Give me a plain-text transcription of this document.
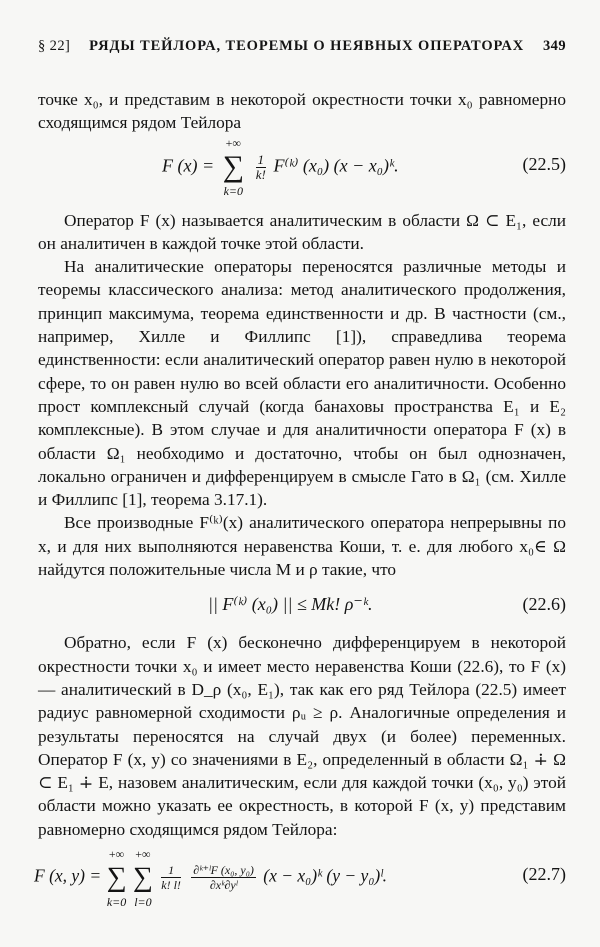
§ 22] РЯДЫ ТЕЙЛОРА, ТЕОРЕМЫ О НЕЯВНЫХ ОПЕРАТОРАХ 349

точке x₀, и представим в некоторой окрестности точки x₀ равномерно сходящимся рядом Тейлора

F (x) = ∑
+∞
k=0

$\frac{1}{k!}$ F⁽ᵏ⁾ (x₀) (x − x₀)ᵏ.	(22.5)

Оператор F (x) называется аналитическим в области Ω ⊂ E₁, если он аналитичен в каждой точке этой области.

На аналитические операторы переносятся различные методы и теоремы классического анализа: метод аналитического продолжения, принцип максимума, теорема единственности и др. В частности (см., например, Хилле и Филлипс [1]), справедлива теорема единственности: если аналитический оператор равен нулю в некоторой сфере, то он равен нулю во всей области его аналитичности. Особенно прост комплексный случай (когда банаховы пространства E₁ и E₂ комплексные). В этом случае и для аналитичности оператора F (x) в области Ω₁ необходимо и достаточно, чтобы он был однозначен, локально ограничен и дифференцируем в смысле Гато в Ω₁ (см. Хилле и Филлипс [1], теорема 3.17.1).

Все производные F⁽ᵏ⁾(x) аналитического оператора непрерывны по x, и для них выполняются неравенства Коши, т. е. для любого x₀∈ Ω найдутся положительные числа M и ρ такие, что

|| F⁽ᵏ⁾ (x₀) || ≤ Mk! ρ⁻ᵏ.	(22.6)

Обратно, если F (x) бесконечно дифференцируем в некоторой окрестности точки x₀ и имеет место неравенства Коши (22.6), то F (x) — аналитический в D_ρ (x₀, E₁), так как его ряд Тейлора (22.5) имеет радиус равномерной сходимости ρᵤ ≥ ρ. Аналогичные определения и результаты переносятся на случай двух (и более) переменных. Оператор F (x, y) со значениями в E₂, определенный в области Ω₁ ∔ Ω ⊂ E₁ ∔ E, назовем аналитическим, если для каждой точки (x₀, y₀) этой области можно указать ее окрестность, в которой F (x, y) представим равномерно сходящимся рядом Тейлора:

F (x, y) = ∑
+∞
k=0
∑
+∞
l=0

$\frac{1}{k! l!}$
$\frac{\text{∂ᵏ⁺ˡF (x₀, y₀)}}{\text{∂xᵏ∂yˡ}} (x$ − x₀)ᵏ (y − y₀)ˡ.	(22.7)
